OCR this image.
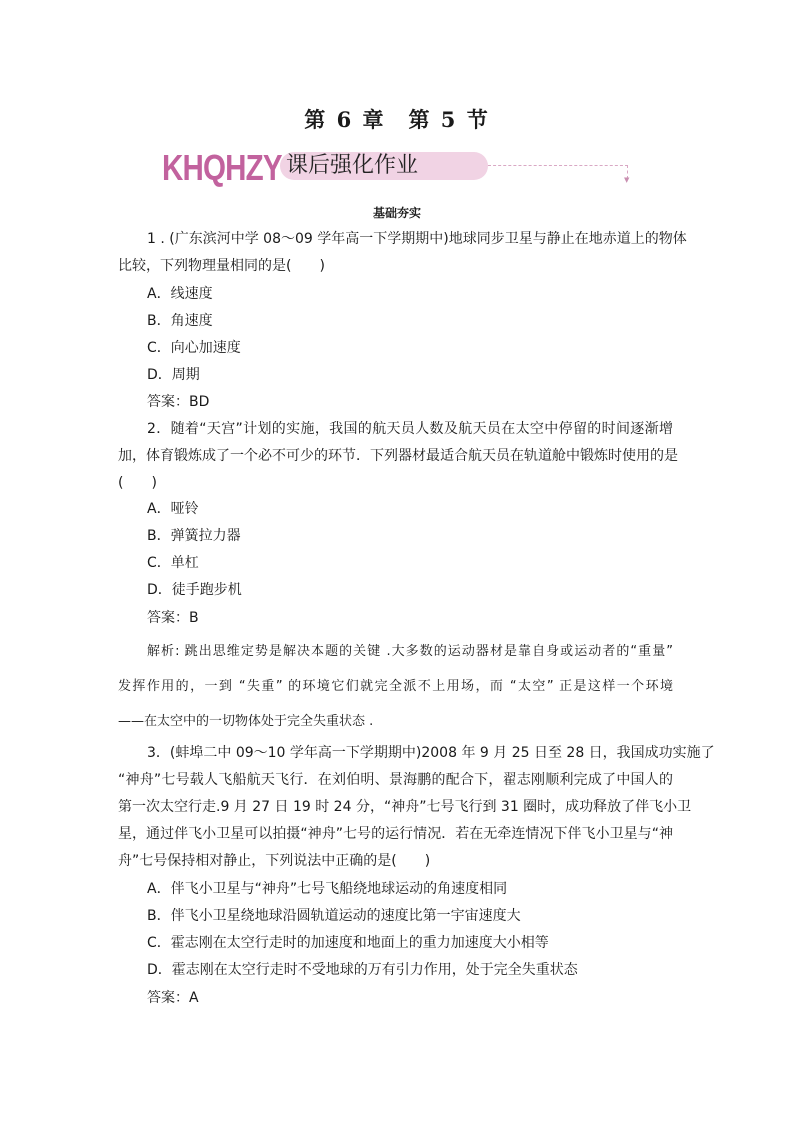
第 6 章　第 5 节
KHQHZY 课后强化作业
▼
基础夯实
1 . (广东滨河中学 08～09 学年高一下学期期中)地球同步卫星与静止在地赤道上的物体
比较，下列物理量相同的是(　　)
A．线速度
B．角速度
C．向心加速度
D．周期
答案：BD
2．随着“天宫”计划的实施，我国的航天员人数及航天员在太空中停留的时间逐渐增
加，体育锻炼成了一个必不可少的环节．下列器材最适合航天员在轨道舱中锻炼时使用的是
(　　)
A．哑铃
B．弹簧拉力器
C．单杠
D．徒手跑步机
答案：B
解析: 跳出思维定势是解决本题的关键 .大多数的运动器材是靠自身或运动者的“重量”
发挥作用的，一到 “失重” 的环境它们就完全派不上用场，而 “太空” 正是这样一个环境
——在太空中的一切物体处于完全失重状态 .
3．(蚌埠二中 09～10 学年高一下学期期中)2008 年 9 月 25 日至 28 日，我国成功实施了
“神舟”七号载人飞船航天飞行．在刘伯明、景海鹏的配合下，翟志刚顺利完成了中国人的
第一次太空行走.9 月 27 日 19 时 24 分，“神舟”七号飞行到 31 圈时，成功释放了伴飞小卫
星，通过伴飞小卫星可以拍摄“神舟”七号的运行情况．若在无牵连情况下伴飞小卫星与“神
舟”七号保持相对静止，下列说法中正确的是(　　)
A．伴飞小卫星与“神舟”七号飞船绕地球运动的角速度相同
B．伴飞小卫星绕地球沿圆轨道运动的速度比第一宇宙速度大
C．霍志刚在太空行走时的加速度和地面上的重力加速度大小相等
D．霍志刚在太空行走时不受地球的万有引力作用，处于完全失重状态
答案：A
